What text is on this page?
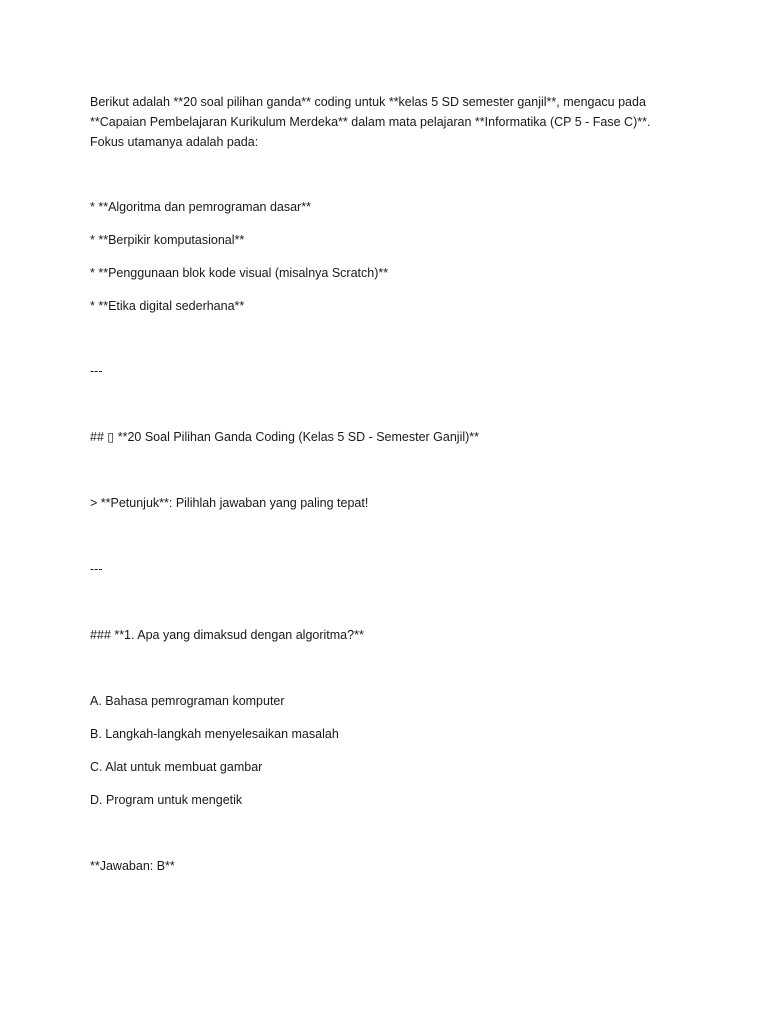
Berikut adalah **20 soal pilihan ganda** coding untuk **kelas 5 SD semester ganjil**, mengacu pada
**Capaian Pembelajaran Kurikulum Merdeka** dalam mata pelajaran **Informatika (CP 5 - Fase C)**.
Fokus utamanya adalah pada:
* **Algoritma dan pemrograman dasar**
* **Berpikir komputasional**
* **Penggunaan blok kode visual (misalnya Scratch)**
* **Etika digital sederhana**
---
## ▯ **20 Soal Pilihan Ganda Coding (Kelas 5 SD - Semester Ganjil)**
> **Petunjuk**: Pilihlah jawaban yang paling tepat!
---
### **1. Apa yang dimaksud dengan algoritma?**
A. Bahasa pemrograman komputer
B. Langkah-langkah menyelesaikan masalah
C. Alat untuk membuat gambar
D. Program untuk mengetik
**Jawaban: B**
